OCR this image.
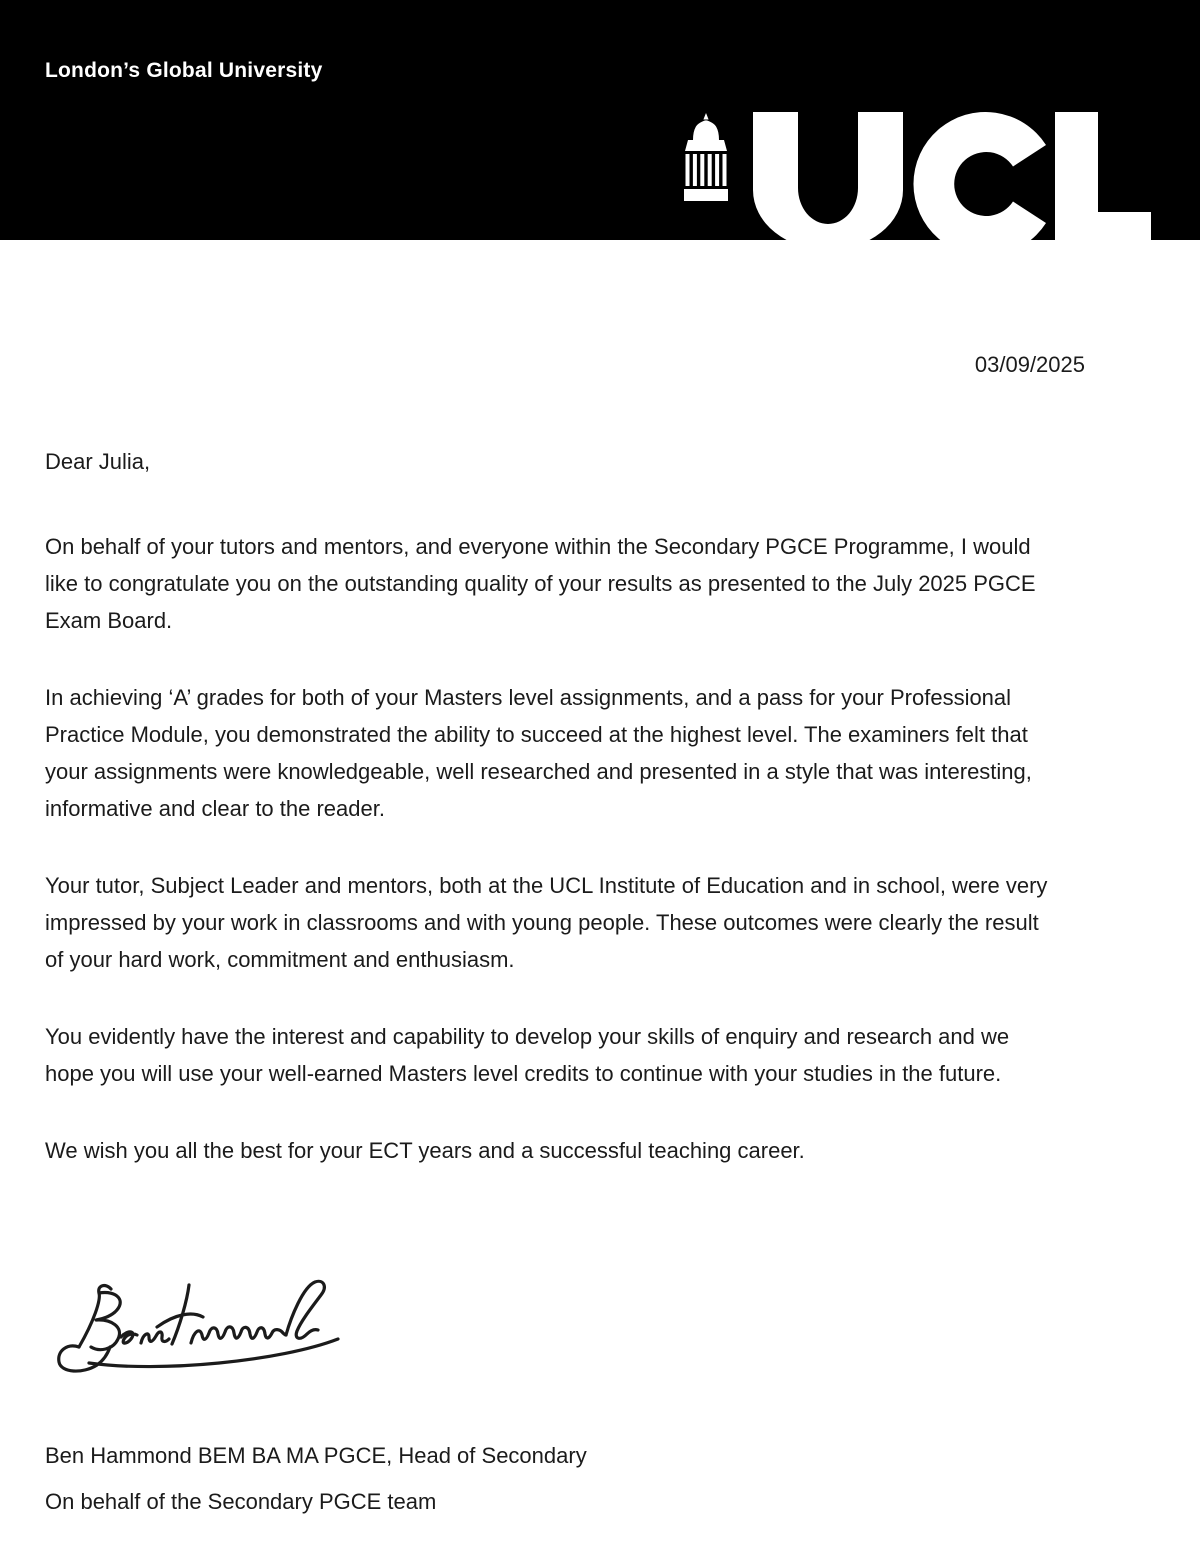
London’s Global University
03/09/2025
Dear Julia,

On behalf of your tutors and mentors, and everyone within the Secondary PGCE Programme, I would
like to congratulate you on the outstanding quality of your results as presented to the July 2025 PGCE
Exam Board.

In achieving ‘A’ grades for both of your Masters level assignments, and a pass for your Professional
Practice Module, you demonstrated the ability to succeed at the highest level. The examiners felt that
your assignments were knowledgeable, well researched and presented in a style that was interesting,
informative and clear to the reader.

Your tutor, Subject Leader and mentors, both at the UCL Institute of Education and in school, were very
impressed by your work in classrooms and with young people. These outcomes were clearly the result
of your hard work, commitment and enthusiasm.

You evidently have the interest and capability to develop your skills of enquiry and research and we
hope you will use your well-earned Masters level credits to continue with your studies in the future.

We wish you all the best for your ECT years and a successful teaching career.

Ben Hammond BEM BA MA PGCE, Head of Secondary

On behalf of the Secondary PGCE team
